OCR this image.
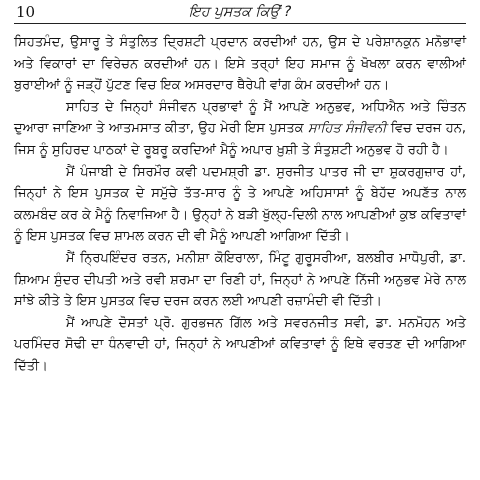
10	ਇਹ ਪੁਸਤਕ ਕਿਉਂ ?

ਸਿਹਤਮੰਦ, ਉਸਾਰੂ ਤੇ ਸੰਤੁਲਿਤ ਦ੍ਰਿਸ਼ਟੀ ਪ੍ਰਦਾਨ ਕਰਦੀਆਂ ਹਨ, ਉਸ ਦੇ ਪਰੇਸ਼ਾਨਕੁਨ ਮਨੋਭਾਵਾਂ ਅਤੇ ਵਿਕਾਰਾਂ ਦਾ ਵਿਰੇਚਨ ਕਰਦੀਆਂ ਹਨ। ਇਸੇ ਤਰ੍ਹਾਂ ਇਹ ਸਮਾਜ ਨੂੰ ਖੋਖਲਾ ਕਰਨ ਵਾਲੀਆਂ ਬੁਰਾਈਆਂ ਨੂੰ ਜੜ੍ਹੋਂ ਪੁੱਟਣ ਵਿਚ ਇਕ ਅਸਰਦਾਰ ਥੈਰੇਪੀ ਵਾਂਗ ਕੰਮ ਕਰਦੀਆਂ ਹਨ।

ਸਾਹਿਤ ਦੇ ਜਿਨ੍ਹਾਂ ਸੰਜੀਵਨ ਪ੍ਰਭਾਵਾਂ ਨੂੰ ਮੈਂ ਆਪਣੇ ਅਨੁਭਵ, ਅਧਿਐਨ ਅਤੇ ਚਿੰਤਨ ਦੁਆਰਾ ਜਾਣਿਆ ਤੇ ਆਤਮਸਾਤ ਕੀਤਾ, ਉਹ ਮੇਰੀ ਇਸ ਪੁਸਤਕ ਸਾਹਿਤ ਸੰਜੀਵਨੀ ਵਿਚ ਦਰਜ ਹਨ, ਜਿਸ ਨੂੰ ਸੁਹਿਰਦ ਪਾਠਕਾਂ ਦੇ ਰੂਬਰੂ ਕਰਦਿਆਂ ਮੈਨੂੰ ਅਪਾਰ ਖ਼ੁਸ਼ੀ ਤੇ ਸੰਤੁਸ਼ਟੀ ਅਨੁਭਵ ਹੋ ਰਹੀ ਹੈ।

ਮੈਂ ਪੰਜਾਬੀ ਦੇ ਸਿਰਮੌਰ ਕਵੀ ਪਦਮਸ਼੍ਰੀ ਡਾ. ਸੁਰਜੀਤ ਪਾਤਰ ਜੀ ਦਾ ਸ਼ੁਕਰਗੁਜ਼ਾਰ ਹਾਂ, ਜਿਨ੍ਹਾਂ ਨੇ ਇਸ ਪੁਸਤਕ ਦੇ ਸਮੁੱਚੇ ਤੱਤ-ਸਾਰ ਨੂੰ ਤੇ ਆਪਣੇ ਅਹਿਸਾਸਾਂ ਨੂੰ ਬੇਹੱਦ ਅਪਣੱਤ ਨਾਲ ਕਲਮਬੰਦ ਕਰ ਕੇ ਮੈਨੂੰ ਨਿਵਾਜਿਆ ਹੈ। ਉਨ੍ਹਾਂ ਨੇ ਬੜੀ ਖੁੱਲ੍ਹ-ਦਿਲੀ ਨਾਲ ਆਪਣੀਆਂ ਕੁਝ ਕਵਿਤਾਵਾਂ ਨੂੰ ਇਸ ਪੁਸਤਕ ਵਿਚ ਸ਼ਾਮਲ ਕਰਨ ਦੀ ਵੀ ਮੈਨੂੰ ਆਪਣੀ ਆਗਿਆ ਦਿੱਤੀ।

ਮੈਂ ਨ੍ਰਿਪਇੰਦਰ ਰਤਨ, ਮਨੀਸ਼ਾ ਕੋਇਰਾਲਾ, ਮਿੰਟੂ ਗੁਰੂਸਰੀਆ, ਬਲਬੀਰ ਮਾਧੋਪੁਰੀ, ਡਾ. ਸ਼ਿਆਮ ਸੁੰਦਰ ਦੀਪਤੀ ਅਤੇ ਰਵੀ ਸ਼ਰਮਾ ਦਾ ਰਿਣੀ ਹਾਂ, ਜਿਨ੍ਹਾਂ ਨੇ ਆਪਣੇ ਨਿੱਜੀ ਅਨੁਭਵ ਮੇਰੇ ਨਾਲ ਸਾਂਝੇ ਕੀਤੇ ਤੇ ਇਸ ਪੁਸਤਕ ਵਿਚ ਦਰਜ ਕਰਨ ਲਈ ਆਪਣੀ ਰਜ਼ਾਮੰਦੀ ਵੀ ਦਿੱਤੀ।

ਮੈਂ ਆਪਣੇ ਦੋਸਤਾਂ ਪ੍ਰੋ. ਗੁਰਭਜਨ ਗਿੱਲ ਅਤੇ ਸਵਰਨਜੀਤ ਸਵੀ, ਡਾ. ਮਨਮੋਹਨ ਅਤੇ ਪਰਮਿੰਦਰ ਸੋਢੀ ਦਾ ਧੰਨਵਾਦੀ ਹਾਂ, ਜਿਨ੍ਹਾਂ ਨੇ ਆਪਣੀਆਂ ਕਵਿਤਾਵਾਂ ਨੂੰ ਇਥੇ ਵਰਤਣ ਦੀ ਆਗਿਆ ਦਿੱਤੀ।
